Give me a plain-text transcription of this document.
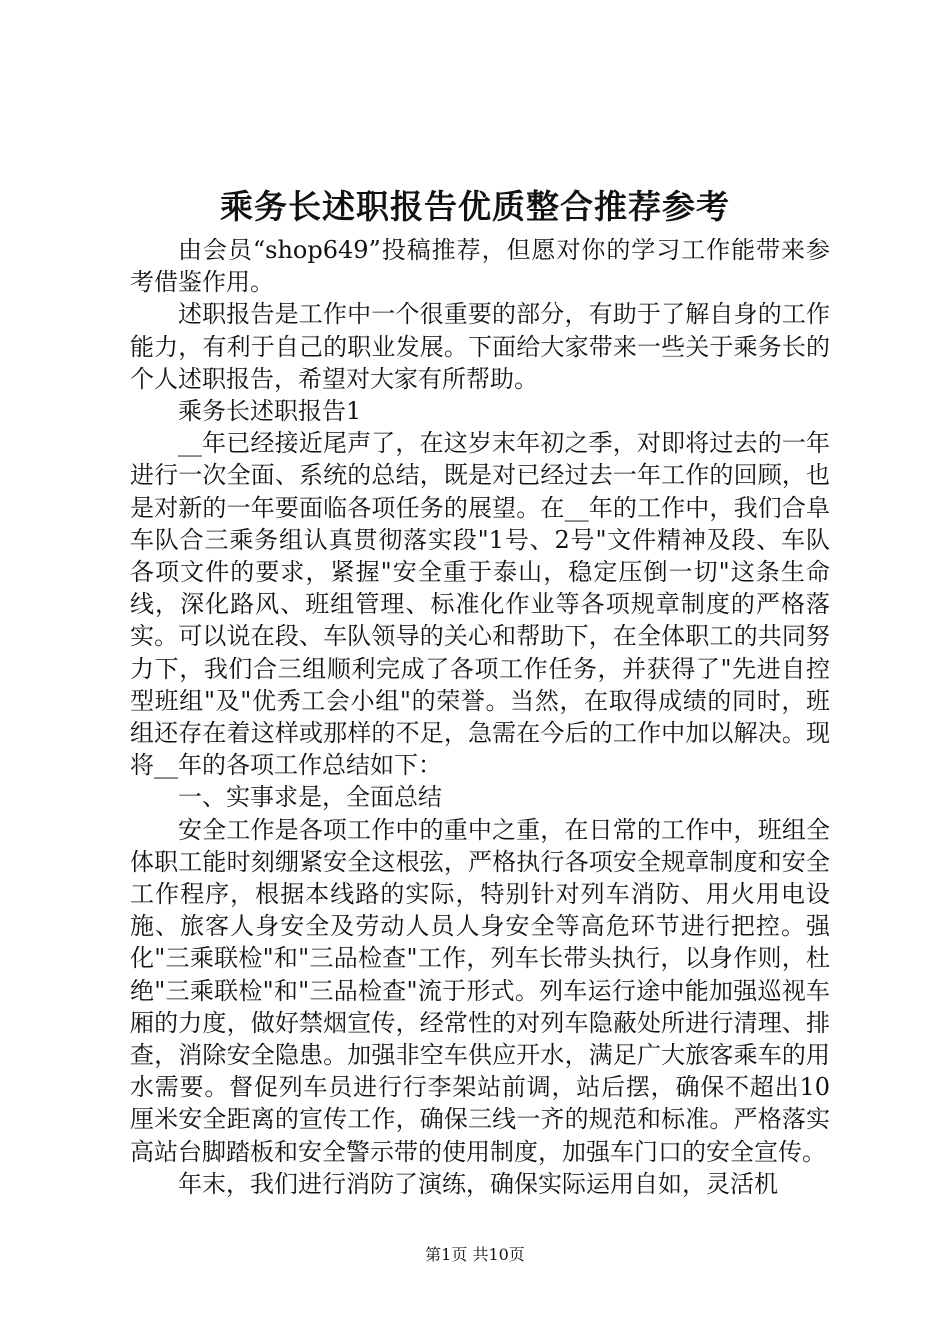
乘务长述职报告优质整合推荐参考

由会员“shop649”投稿推荐，但愿对你的学习工作能带来参考借鉴作用。

述职报告是工作中一个很重要的部分，有助于了解自身的工作能力，有利于自己的职业发展。下面给大家带来一些关于乘务长的个人述职报告，希望对大家有所帮助。

乘务长述职报告1

__年已经接近尾声了，在这岁末年初之季，对即将过去的一年进行一次全面、系统的总结，既是对已经过去一年工作的回顾，也是对新的一年要面临各项任务的展望。在__年的工作中，我们合阜车队合三乘务组认真贯彻落实段"1号、2号"文件精神及段、车队各项文件的要求，紧握"安全重于泰山，稳定压倒一切"这条生命线，深化路风、班组管理、标准化作业等各项规章制度的严格落实。可以说在段、车队领导的关心和帮助下，在全体职工的共同努力下，我们合三组顺利完成了各项工作任务，并获得了"先进自控型班组"及"优秀工会小组"的荣誉。当然，在取得成绩的同时，班组还存在着这样或那样的不足，急需在今后的工作中加以解决。现将__年的各项工作总结如下：

一、实事求是，全面总结

安全工作是各项工作中的重中之重，在日常的工作中，班组全体职工能时刻绷紧安全这根弦，严格执行各项安全规章制度和安全工作程序，根据本线路的实际，特别针对列车消防、用火用电设施、旅客人身安全及劳动人员人身安全等高危环节进行把控。强化"三乘联检"和"三品检查"工作，列车长带头执行，以身作则，杜绝"三乘联检"和"三品检查"流于形式。列车运行途中能加强巡视车厢的力度，做好禁烟宣传，经常性的对列车隐蔽处所进行清理、排查，消除安全隐患。加强非空车供应开水，满足广大旅客乘车的用水需要。督促列车员进行行李架站前调，站后摆，确保不超出10厘米安全距离的宣传工作，确保三线一齐的规范和标准。严格落实高站台脚踏板和安全警示带的使用制度，加强车门口的安全宣传。

年末，我们进行消防了演练，确保实际运用自如，灵活机

第1页 共10页
